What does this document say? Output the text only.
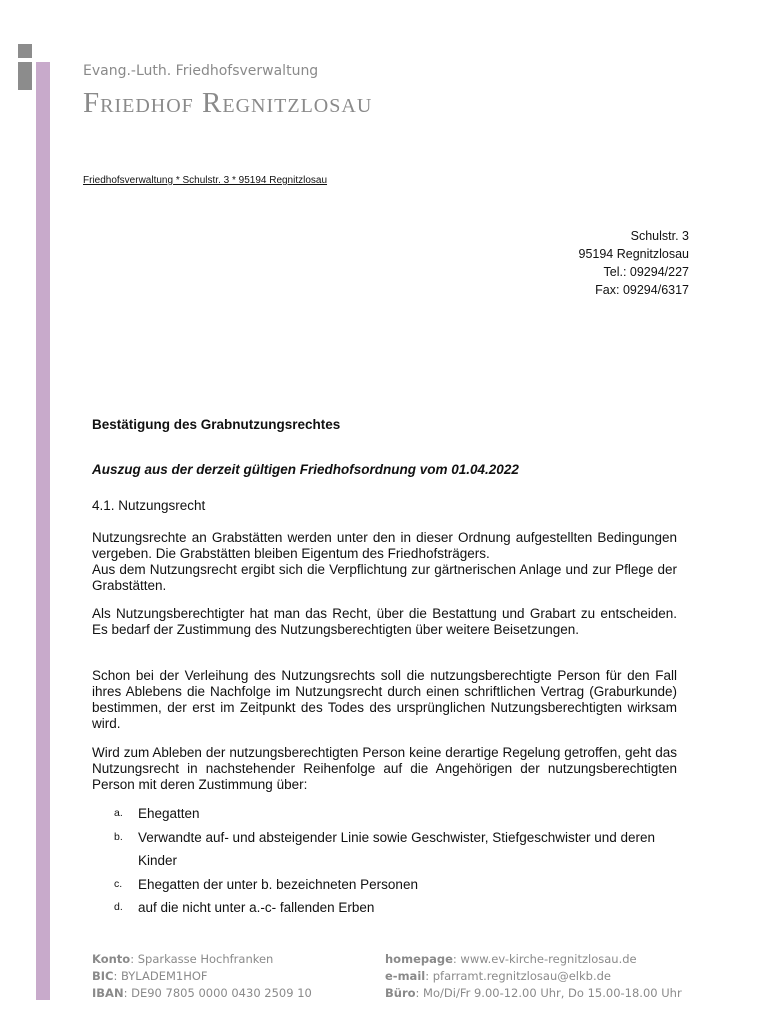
Evang.-Luth. Friedhofsverwaltung
Friedhof Regnitzlosau
Friedhofsverwaltung * Schulstr. 3 * 95194 Regnitzlosau
Schulstr. 3
95194 Regnitzlosau
Tel.: 09294/227
Fax: 09294/6317
Bestätigung des Grabnutzungsrechtes
Auszug aus der derzeit gültigen Friedhofsordnung vom 01.04.2022
4.1. Nutzungsrecht
Nutzungsrechte an Grabstätten werden unter den in dieser Ordnung aufgestellten Bedingungen vergeben. Die Grabstätten bleiben Eigentum des Friedhofsträgers.
Aus dem Nutzungsrecht ergibt sich die Verpflichtung zur gärtnerischen Anlage und zur Pflege der Grabstätten.
Als Nutzungsberechtigter hat man das Recht, über die Bestattung und Grabart zu entscheiden. Es bedarf der Zustimmung des Nutzungsberechtigten über weitere Beisetzungen.
Schon bei der Verleihung des Nutzungsrechts soll die nutzungsberechtigte Person für den Fall ihres Ablebens die Nachfolge im Nutzungsrecht durch einen schriftlichen Vertrag (Graburkunde) bestimmen, der erst im Zeitpunkt des Todes des ursprünglichen Nutzungsberechtigten wirksam wird.
Wird zum Ableben der nutzungsberechtigten Person keine derartige Regelung getroffen, geht das Nutzungsrecht in nachstehender Reihenfolge auf die Angehörigen der nutzungsberechtigten Person mit deren Zustimmung über:
a. Ehegatten
b. Verwandte auf- und absteigender Linie sowie Geschwister, Stiefgeschwister und deren Kinder
c. Ehegatten der unter b. bezeichneten Personen
d. auf die nicht unter a.-c- fallenden Erben
Konto: Sparkasse Hochfranken
BIC: BYLADEM1HOF
IBAN: DE90 7805 0000 0430 2509 10
homepage: www.ev-kirche-regnitzlosau.de
e-mail: pfarramt.regnitzlosau@elkb.de
Büro: Mo/Di/Fr 9.00-12.00 Uhr, Do 15.00-18.00 Uhr
